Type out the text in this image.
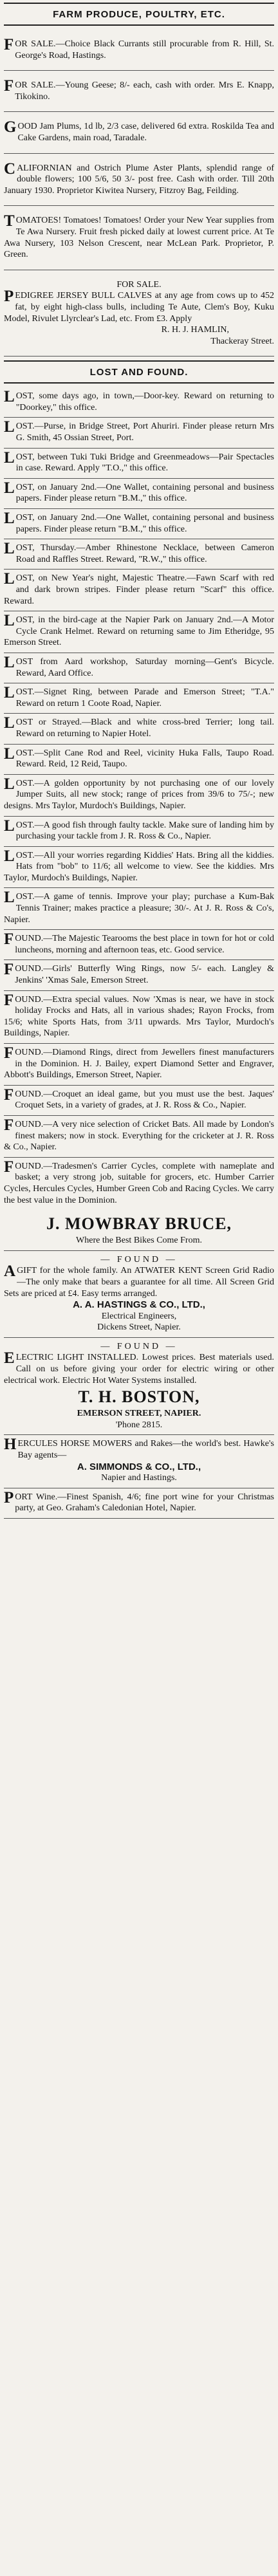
FARM PRODUCE, POULTRY, ETC.
FOR SALE.—Choice Black Currants still procurable from R. Hill, St. George's Road, Hastings.
FOR SALE.—Young Geese; 8/- each, cash with order. Mrs E. Knapp, Tikokino.
GOOD Jam Plums, 1d lb, 2/3 case, delivered 6d extra. Roskilda Tea and Cake Gardens, main road, Taradale.
CALIFORNIAN and Ostrich Plume Aster Plants, splendid range of double flowers; 100 5/6, 50 3/- post free. Cash with order. Till 20th January 1930. Proprietor Kiwitea Nursery, Fitzroy Bag, Feilding.
TOMATOES! Tomatoes! Tomatoes! Order your New Year supplies from Te Awa Nursery. Fruit fresh picked daily at lowest current price. At Te Awa Nursery, 103 Nelson Crescent, near McLean Park. Proprietor, P. Green.
FOR SALE.
P EDIGREE JERSEY BULL CALVES at any age from cows up to 452 fat, by eight high-class bulls, including Te Aute, Clem's Boy, Kuku Model, Rivulet Llyrclear's Lad, etc. From £3. Apply
R. H. J. HAMLIN,
Thackeray Street.
LOST AND FOUND.
LOST, some days ago, in town,—Door-key. Reward on returning to "Doorkey," this office.
LOST.—Purse, in Bridge Street, Port Ahuriri. Finder please return Mrs G. Smith, 45 Ossian Street, Port.
LOST, between Tuki Tuki Bridge and Greenmeadows—Pair Spectacles in case. Reward. Apply "T.O.," this office.
LOST, on January 2nd.—One Wallet, containing personal and business papers. Finder please return "B.M.," this office.
LOST, on January 2nd.—One Wallet, containing personal and business papers. Finder please return "B.M.," this office.
LOST, Thursday.—Amber Rhinestone Necklace, between Cameron Road and Raffles Street. Reward, "R.W.," this office.
LOST, on New Year's night, Majestic Theatre.—Fawn Scarf with red and dark brown stripes. Finder please return "Scarf" this office. Reward.
LOST, in the bird-cage at the Napier Park on January 2nd.—A Motor Cycle Crank Helmet. Reward on returning same to Jim Etheridge, 95 Emerson Street.
LOST from Aard workshop, Saturday morning—Gent's Bicycle. Reward, Aard Office.
LOST.—Signet Ring, between Parade and Emerson Street; "T.A." Reward on return 1 Coote Road, Napier.
LOST or Strayed.—Black and white cross-bred Terrier; long tail. Reward on returning to Napier Hotel.
LOST.—Split Cane Rod and Reel, vicinity Huka Falls, Taupo Road. Reward. Reid, 12 Reid, Taupo.
LOST.—A golden opportunity by not purchasing one of our lovely Jumper Suits, all new stock; range of prices from 39/6 to 75/-; new designs. Mrs Taylor, Murdoch's Buildings, Napier.
LOST.—A good fish through faulty tackle. Make sure of landing him by purchasing your tackle from J. R. Ross & Co., Napier.
LOST.—All your worries regarding Kiddies' Hats. Bring all the kiddies. Hats from "bob" to 11/6; all welcome to view. See the kiddies. Mrs Taylor, Murdoch's Buildings, Napier.
LOST.—A game of tennis. Improve your play; purchase a Kum-Bak Tennis Trainer; makes practice a pleasure; 30/-. At J. R. Ross & Co's, Napier.
FOUND.—The Majestic Tearooms the best place in town for hot or cold luncheons, morning and afternoon teas, etc. Good service.
FOUND.—Girls' Butterfly Wing Rings, now 5/- each. Langley & Jenkins' 'Xmas Sale, Emerson Street.
FOUND.—Extra special values. Now 'Xmas is near, we have in stock holiday Frocks and Hats, all in various shades; Rayon Frocks, from 15/6; white Sports Hats, from 3/11 upwards. Mrs Taylor, Murdoch's Buildings, Napier.
FOUND.—Diamond Rings, direct from Jewellers finest manufacturers in the Dominion. H. J. Bailey, expert Diamond Setter and Engraver, Abbott's Buildings, Emerson Street, Napier.
FOUND.—Croquet an ideal game, but you must use the best. Jaques' Croquet Sets, in a variety of grades, at J. R. Ross & Co., Napier.
FOUND.—A very nice selection of Cricket Bats. All made by London's finest makers; now in stock. Everything for the cricketer at J. R. Ross & Co., Napier.
FOUND.—Tradesmen's Carrier Cycles, complete with nameplate and basket; a very strong job, suitable for grocers, etc. Humber Carrier Cycles, Hercules Cycles, Humber Green Cob and Racing Cycles. We carry the best value in the Dominion.
J. MOWBRAY BRUCE,
Where the Best Bikes Come From.
— FOUND —
A GIFT for the whole family. An ATWATER KENT Screen Grid Radio—The only make that bears a guarantee for all time. All Screen Grid Sets are priced at £4. Easy terms arranged.
A. A. HASTINGS & CO., LTD.,
Electrical Engineers,
Dickens Street, Napier.
— FOUND —
E LECTRIC LIGHT INSTALLED. Lowest prices. Best materials used. Call on us before giving your order for electric wiring or other electrical work. Electric Hot Water Systems installed.
T. H. BOSTON,
EMERSON STREET, NAPIER.
'Phone 2815.
HERCULES HORSE MOWERS and Rakes—the world's best. Hawke's Bay agents—
A. SIMMONDS & CO., LTD.,
Napier and Hastings.
PORT Wine.—Finest Spanish, 4/6; fine port wine for your Christmas party, at Geo. Graham's Caledonian Hotel, Napier.
